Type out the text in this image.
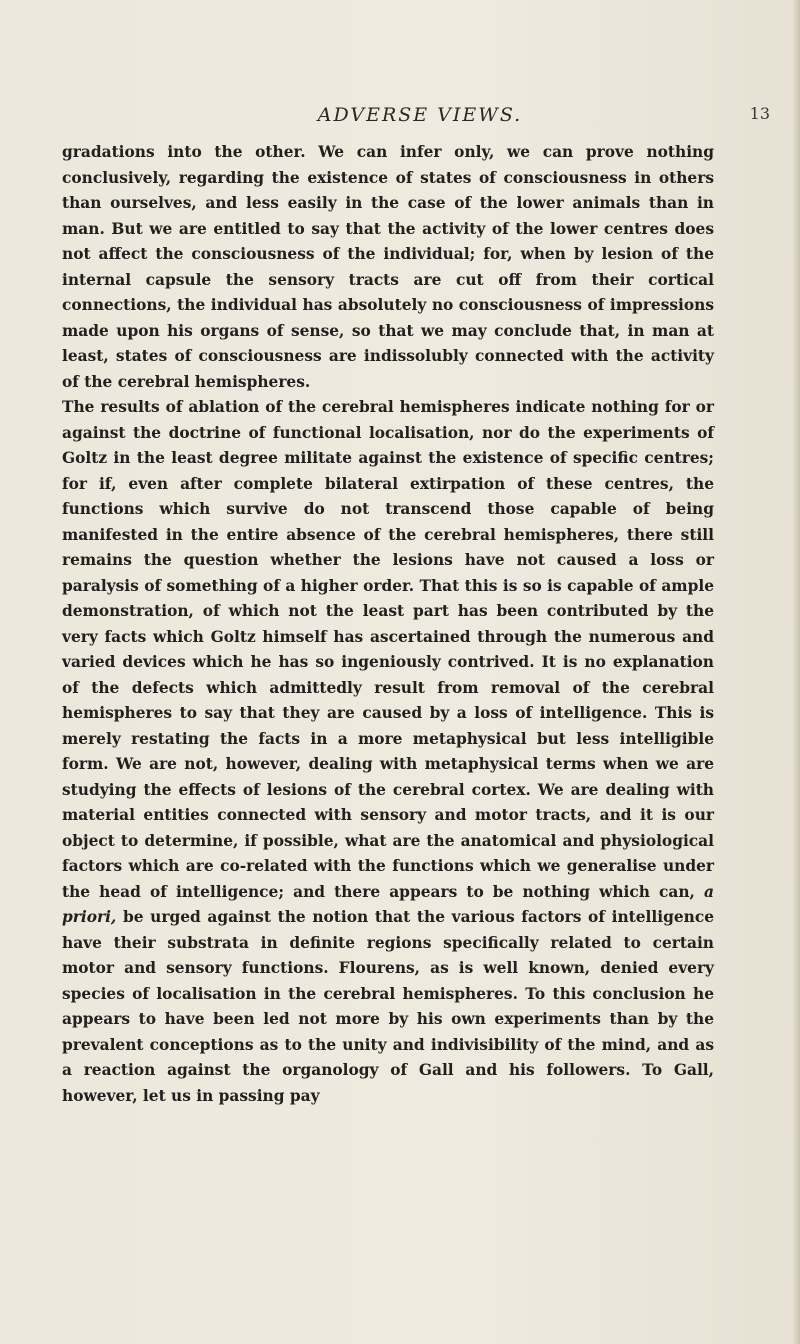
ADVERSE VIEWS.	13

gradations into the other. We can infer only, we can prove nothing conclusively, regarding the existence of states of consciousness in others than ourselves, and less easily in the case of the lower animals than in man. But we are entitled to say that the activity of the lower centres does not affect the consciousness of the individual; for, when by lesion of the internal capsule the sensory tracts are cut off from their cortical connections, the individual has absolutely no consciousness of impressions made upon his organs of sense, so that we may conclude that, in man at least, states of consciousness are indissolubly connected with the activity of the cerebral hemispheres.

The results of ablation of the cerebral hemispheres indicate nothing for or against the doctrine of functional localisation, nor do the experiments of Goltz in the least degree militate against the existence of specific centres; for if, even after complete bilateral extirpation of these centres, the functions which survive do not transcend those capable of being manifested in the entire absence of the cerebral hemispheres, there still remains the question whether the lesions have not caused a loss or paralysis of something of a higher order. That this is so is capable of ample demonstration, of which not the least part has been contributed by the very facts which Goltz himself has ascertained through the numerous and varied devices which he has so ingeniously contrived. It is no explanation of the defects which admittedly result from removal of the cerebral hemispheres to say that they are caused by a loss of intelligence. This is merely restating the facts in a more metaphysical but less intelligible form. We are not, however, dealing with metaphysical terms when we are studying the effects of lesions of the cerebral cortex. We are dealing with material entities connected with sensory and motor tracts, and it is our object to determine, if possible, what are the anatomical and physiological factors which are co-related with the functions which we generalise under the head of intelligence; and there appears to be nothing which can, a priori, be urged against the notion that the various factors of intelligence have their substrata in definite regions specifically related to certain motor and sensory functions. Flourens, as is well known, denied every species of localisation in the cerebral hemispheres. To this conclusion he appears to have been led not more by his own experiments than by the prevalent conceptions as to the unity and indivisibility of the mind, and as a reaction against the organology of Gall and his followers. To Gall, however, let us in passing pay
